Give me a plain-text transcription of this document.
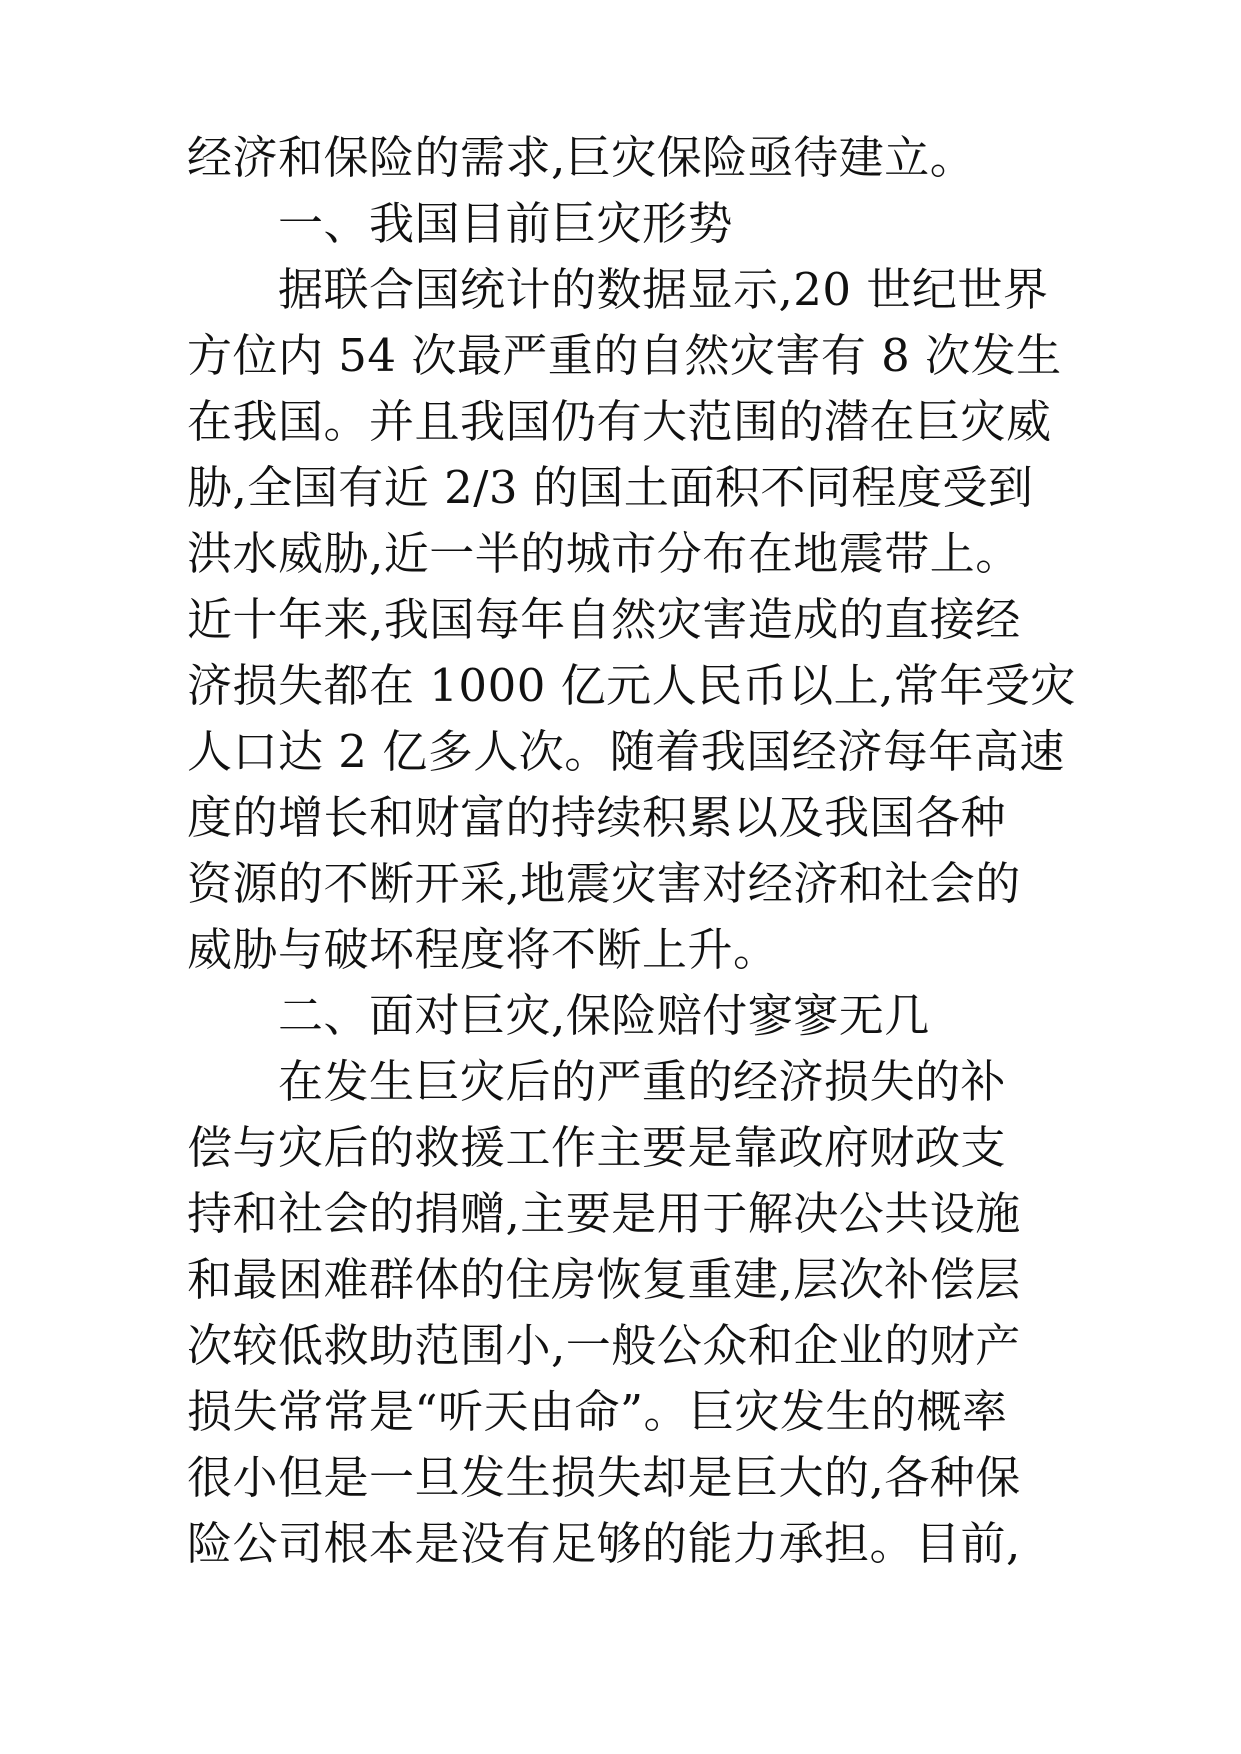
经济和保险的需求,巨灾保险亟待建立。
一、我国目前巨灾形势
据联合国统计的数据显示,20 世纪世界
方位内 54 次最严重的自然灾害有 8 次发生
在我国。并且我国仍有大范围的潜在巨灾威
胁,全国有近 2/3 的国土面积不同程度受到
洪水威胁,近一半的城市分布在地震带上。
近十年来,我国每年自然灾害造成的直接经
济损失都在 1000 亿元人民币以上,常年受灾
人口达 2 亿多人次。随着我国经济每年高速
度的增长和财富的持续积累以及我国各种
资源的不断开采,地震灾害对经济和社会的
威胁与破坏程度将不断上升。
二、面对巨灾,保险赔付寥寥无几
在发生巨灾后的严重的经济损失的补
偿与灾后的救援工作主要是靠政府财政支
持和社会的捐赠,主要是用于解决公共设施
和最困难群体的住房恢复重建,层次补偿层
次较低救助范围小,一般公众和企业的财产
损失常常是“听天由命”。巨灾发生的概率
很小但是一旦发生损失却是巨大的,各种保
险公司根本是没有足够的能力承担。目前,
